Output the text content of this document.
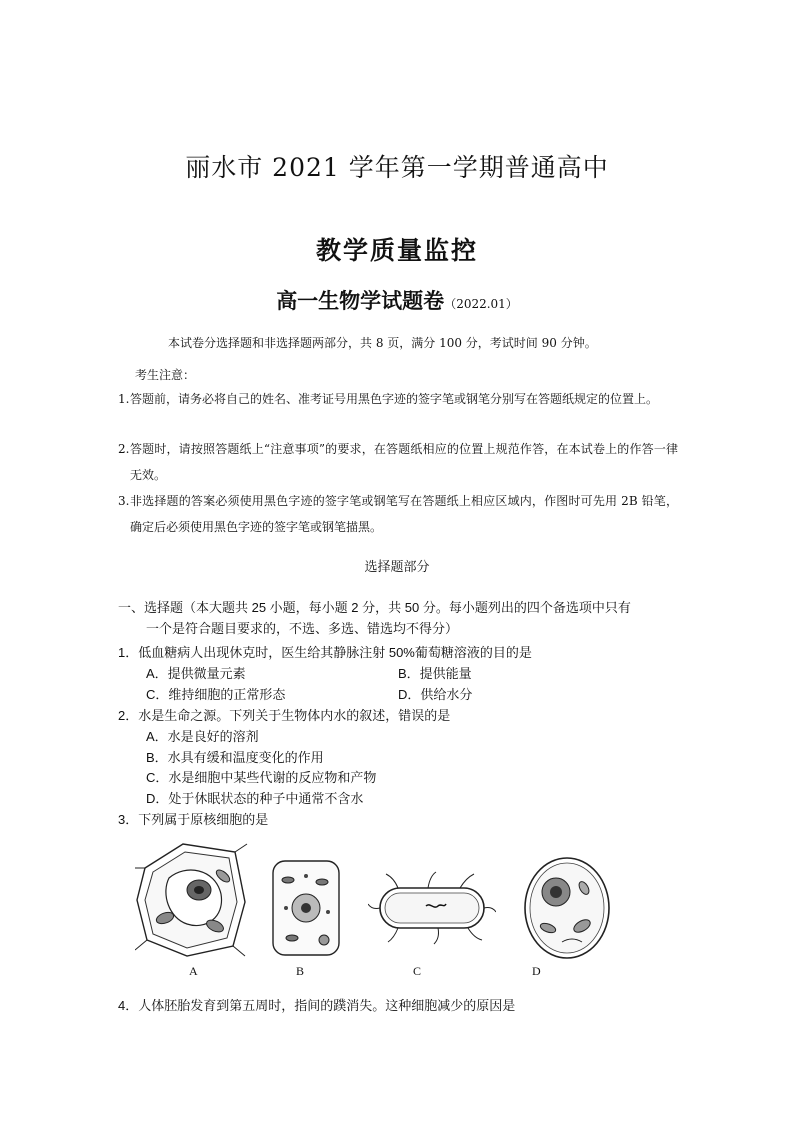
丽水市 2021 学年第一学期普通高中
教学质量监控
高一生物学试题卷（2022.01）
本试卷分选择题和非选择题两部分，共 8 页，满分 100 分，考试时间 90 分钟。
考生注意：
1. 答题前，请务必将自己的姓名、准考证号用黑色字迹的签字笔或钢笔分别写在答题纸规定的位置上。
2. 答题时，请按照答题纸上“注意事项”的要求，在答题纸相应的位置上规范作答，在本试卷上的作答一律无效。
3. 非选择题的答案必须使用黑色字迹的签字笔或钢笔写在答题纸上相应区域内，作图时可先用 2B 铅笔，确定后必须使用黑色字迹的签字笔或钢笔描黑。
选择题部分
一、选择题（本大题共 25 小题，每小题 2 分，共 50 分。每小题列出的四个备选项中只有
一个是符合题目要求的，不选、多选、错选均不得分）
1．低血糖病人出现休克时，医生给其静脉注射 50%葡萄糖溶液的目的是
A．提供微量元素	B．提供能量
C．维持细胞的正常形态	D．供给水分
2．水是生命之源。下列关于生物体内水的叙述，错误的是
A．水是良好的溶剂
B．水具有缓和温度变化的作用
C．水是细胞中某些代谢的反应物和产物
D．处于休眠状态的种子中通常不含水
3．下列属于原核细胞的是
A	B	C	D
4．人体胚胎发育到第五周时，指间的蹼消失。这种细胞减少的原因是
